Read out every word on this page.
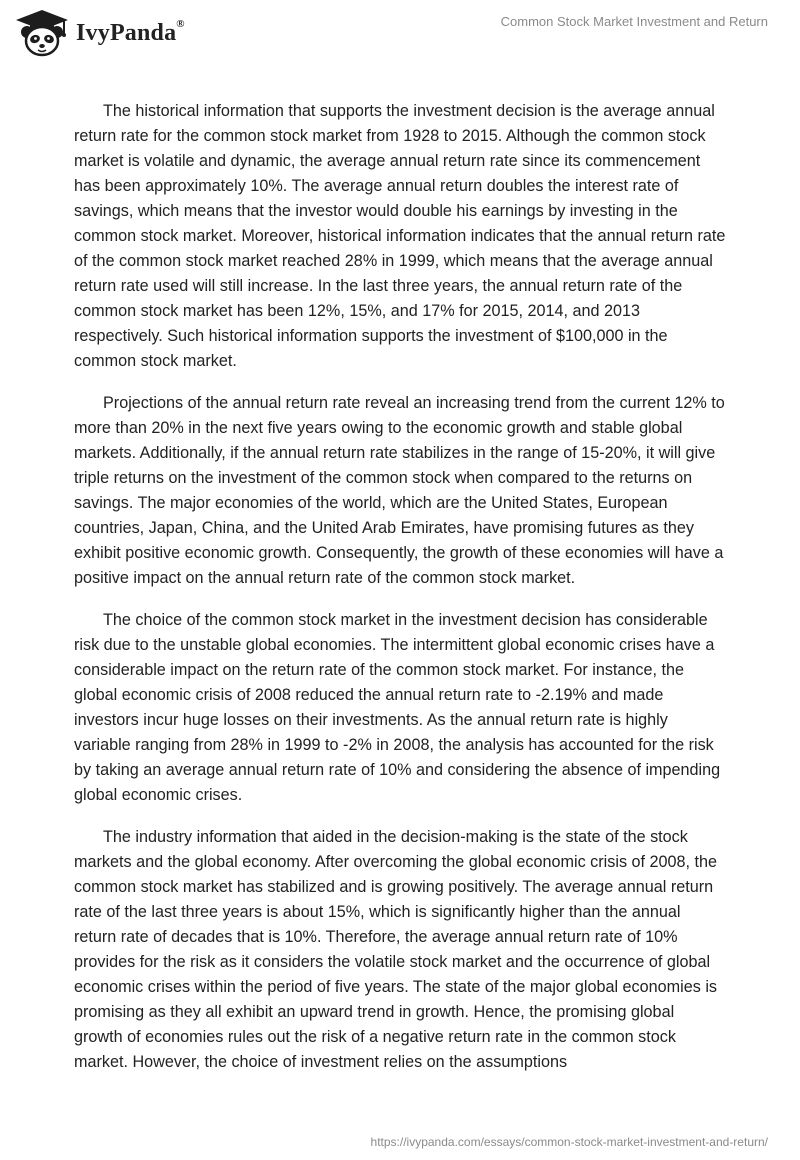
IvyPanda®	Common Stock Market Investment and Return

The historical information that supports the investment decision is the average annual return rate for the common stock market from 1928 to 2015. Although the common stock market is volatile and dynamic, the average annual return rate since its commencement has been approximately 10%. The average annual return doubles the interest rate of savings, which means that the investor would double his earnings by investing in the common stock market. Moreover, historical information indicates that the annual return rate of the common stock market reached 28% in 1999, which means that the average annual return rate used will still increase. In the last three years, the annual return rate of the common stock market has been 12%, 15%, and 17% for 2015, 2014, and 2013 respectively. Such historical information supports the investment of $100,000 in the common stock market.

Projections of the annual return rate reveal an increasing trend from the current 12% to more than 20% in the next five years owing to the economic growth and stable global markets. Additionally, if the annual return rate stabilizes in the range of 15-20%, it will give triple returns on the investment of the common stock when compared to the returns on savings. The major economies of the world, which are the United States, European countries, Japan, China, and the United Arab Emirates, have promising futures as they exhibit positive economic growth. Consequently, the growth of these economies will have a positive impact on the annual return rate of the common stock market.

The choice of the common stock market in the investment decision has considerable risk due to the unstable global economies. The intermittent global economic crises have a considerable impact on the return rate of the common stock market. For instance, the global economic crisis of 2008 reduced the annual return rate to -2.19% and made investors incur huge losses on their investments. As the annual return rate is highly variable ranging from 28% in 1999 to -2% in 2008, the analysis has accounted for the risk by taking an average annual return rate of 10% and considering the absence of impending global economic crises.

The industry information that aided in the decision-making is the state of the stock markets and the global economy. After overcoming the global economic crisis of 2008, the common stock market has stabilized and is growing positively. The average annual return rate of the last three years is about 15%, which is significantly higher than the annual return rate of decades that is 10%. Therefore, the average annual return rate of 10% provides for the risk as it considers the volatile stock market and the occurrence of global economic crises within the period of five years. The state of the major global economies is promising as they all exhibit an upward trend in growth. Hence, the promising global growth of economies rules out the risk of a negative return rate in the common stock market. However, the choice of investment relies on the assumptions

https://ivypanda.com/essays/common-stock-market-investment-and-return/
